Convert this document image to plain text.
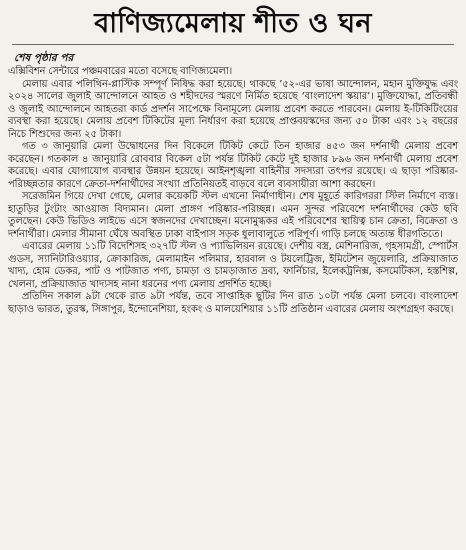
বাণিজ্যমেলায় শীত ও ঘন
শেষ পৃষ্ঠার পর

এক্সিবিশন সেন্টারে পঞ্চমবারের মতো বসেছে বাণিজ্যমেলা।

মেলায় এবার পলিথিন-প্লাস্টিক সম্পূর্ণ নিষিদ্ধ করা হয়েছে। থাকছে ’৫২-এর ভাষা আন্দোলন, মহান মুক্তিযুদ্ধ এবং ২০২৪ সালের জুলাই আন্দোলনে আহত ও শহীদদের স্মরণে নির্মিত হয়েছে ‘বাংলাদেশ স্কয়ার’। মুক্তিযোদ্ধা, প্রতিবন্ধী ও জুলাই আন্দোলনে আহতরা কার্ড প্রদর্শন সাপেক্ষে বিনামূল্যে মেলায় প্রবেশ করতে পারবেন। মেলায় ই-টিকিটিংয়ের ব্যবস্থা করা হয়েছে। মেলায় প্রবেশ টিকিটের মূল্য নির্ধারণ করা হয়েছে প্রাপ্তবয়স্কদের জন্য ৫০ টাকা এবং ১২ বছরের নিচে শিশুদের জন্য ২৫ টাকা।

গত ৩ জানুয়ারি মেলা উদ্বোধনের দিন বিকেলে টিকিট কেটে তিন হাজার ৪৫৩ জন দর্শনার্থী মেলায় প্রবেশ করেছেন। গতকাল ৪ জানুয়ারি রোববার বিকেল ৫টা পর্যন্ত টিকিট কেটে দুই হাজার ৮৯৬ জন দর্শনার্থী মেলায় প্রবেশ করেছে। এবার যোগাযোগ ব্যবস্থার উন্নয়ন হয়েছে। আইনশৃঙ্খলা বাহিনীর সদস্যরা তৎপর রয়েছে। এ ছাড়া পরিষ্কার-পরিচ্ছন্নতার কারণে ক্রেতা-দর্শনার্থীদের সংখ্যা প্রতিনিয়তই বাড়বে বলে ব্যবসায়ীরা আশা করছেন।

সরেজমিন গিয়ে দেখা গেছে, মেলার কয়েকটি স্টল এখনো নির্মাণাধীন। শেষ মুহূর্তে কারিগররা স্টিল নির্মাণে ব্যস্ত। হাতুড়ির টুংটাং আওয়াজ বিদ্যমান। মেলা প্রাঙ্গণ পরিষ্কার-পরিচ্ছন্ন। এমন সুন্দর পরিবেশে দর্শনার্থীদের কেউ ছবি তুলছেন। কেউ ভিডিও লাইভে এসে স্বজনদের দেখাচ্ছেন। মনোমুগ্ধকর এই পরিবেশের স্থায়িত্ব চান ক্রেতা, বিক্রেতা ও দর্শনার্থীরা। মেলার সীমানা ঘেঁষে অবস্থিত ঢাকা বাইপাস সড়ক ধুলাবালুতে পরিপূর্ণ। গাড়ি চলছে অত্যন্ত ধীরগতিতে।

এবারের মেলায় ১১টি বিদেশিসহ ৩২৭টি স্টল ও প্যাভিলিয়ন রয়েছে। দেশীয় বস্ত্র, মেশিনারিজ, গৃহসামগ্রী, স্পোর্টস গুডস, স্যানিটারিওয়্যার, ক্রোকারিজ, মেলামাইন পলিমার, হারবাল ও টয়লেট্রিজ, ইমিটেশন জুয়েলারি, প্রক্রিয়াজাত খাদ্য, হোম ডেকর, পাট ও পাটজাত পণ্য, চামড়া ও চামড়াজাত দ্রব্য, ফার্নিচার, ইলেকট্রনিক্স, কসমেটিকস, হস্তশিল্প, খেলনা, প্রক্রিয়াজাত খাদ্যসহ নানা ধরনের পণ্য মেলায় প্রদর্শিত হচ্ছে।

প্রতিদিন সকাল ৯টা থেকে রাত ৯টা পর্যন্ত, তবে সাপ্তাহিক ছুটির দিন রাত ১০টা পর্যন্ত মেলা চলবে। বাংলাদেশ ছাড়াও ভারত, তুরস্ক, সিঙ্গাপুর, ইন্দোনেশিয়া, হংকং ও মালয়েশিয়ার ১১টি প্রতিষ্ঠান এবারের মেলায় অংশগ্রহণ করছে।
